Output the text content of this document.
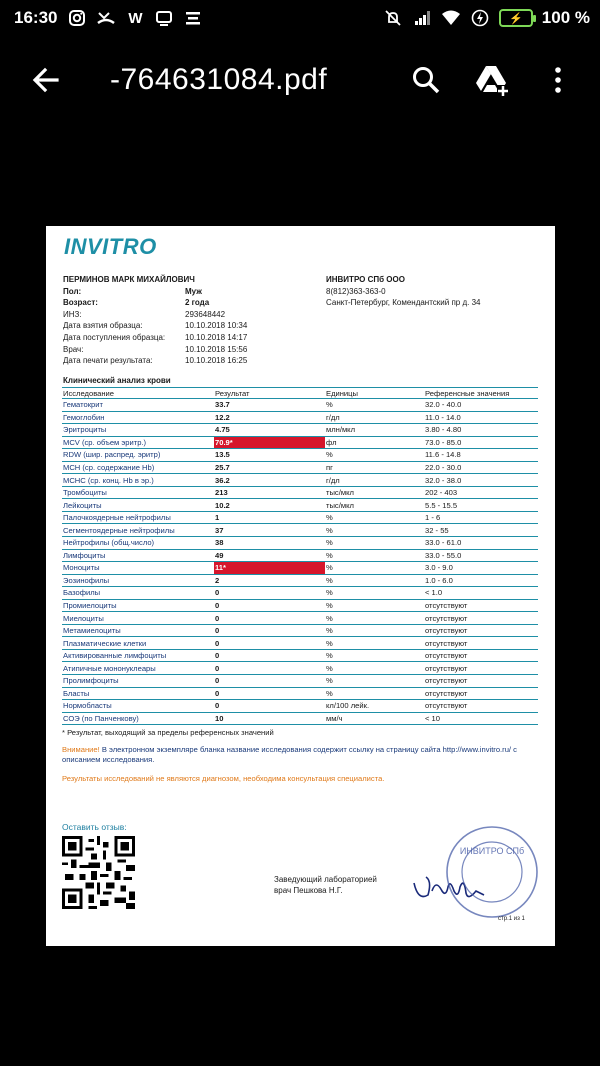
16:30	W	⚡ 100 %
-764631084.pdf
INVITRO
ПЕРМИНОВ МАРК МИХАЙЛОВИЧ
Пол:	Муж
Возраст:	2 года
ИНЗ:	293648442
Дата взятия образца:	10.10.2018 10:34
Дата поступления образца:	10.10.2018 14:17
Врач:	10.10.2018 15:56
Дата печати результата:	10.10.2018 16:25
ИНВИТРО СПб ООО
8(812)363-363-0
Санкт-Петербург, Комендантский пр д. 34
Клинический анализ крови
Исследование	Результат	Единицы	Референсные значения
Гематокрит	33.7	%	32.0 - 40.0
Гемоглобин	12.2	г/дл	11.0 - 14.0
Эритроциты	4.75	млн/мкл	3.80 - 4.80
MCV (ср. объем эритр.)	70.9*	фл	73.0 - 85.0
RDW (шир. распред. эритр)	13.5	%	11.6 - 14.8
MCH (ср. содержание Hb)	25.7	пг	22.0 - 30.0
MCHC (ср. конц. Hb в эр.)	36.2	г/дл	32.0 - 38.0
Тромбоциты	213	тыс/мкл	202 - 403
Лейкоциты	10.2	тыс/мкл	5.5 - 15.5
Палочкоядерные нейтрофилы	1	%	1 - 6
Сегментоядерные нейтрофилы	37	%	32 - 55
Нейтрофилы (общ.число)	38	%	33.0 - 61.0
Лимфоциты	49	%	33.0 - 55.0
Моноциты	11*	%	3.0 - 9.0
Эозинофилы	2	%	1.0 - 6.0
Базофилы	0	%	< 1.0
Промиелоциты	0	%	отсутствуют
Миелоциты	0	%	отсутствуют
Метамиелоциты	0	%	отсутствуют
Плазматические клетки	0	%	отсутствуют
Активированные лимфоциты	0	%	отсутствуют
Атипичные мононуклеары	0	%	отсутствуют
Пролимфоциты	0	%	отсутствуют
Бласты	0	%	отсутствуют
Нормобласты	0	кл/100 лейк.	отсутствуют
СОЭ (по Панченкову)	10	мм/ч	< 10
* Результат, выходящий за пределы референсных значений
Внимание! В электронном экземпляре бланка название исследования содержит ссылку на страницу сайта http://www.invitro.ru/ с описанием исследования.
Результаты исследований не являются диагнозом, необходима консультация специалиста.
Оставить отзыв:
Заведующий лабораторией
врач Пешкова Н.Г.
ИНВИТРО СПб
стр.1 из 1
